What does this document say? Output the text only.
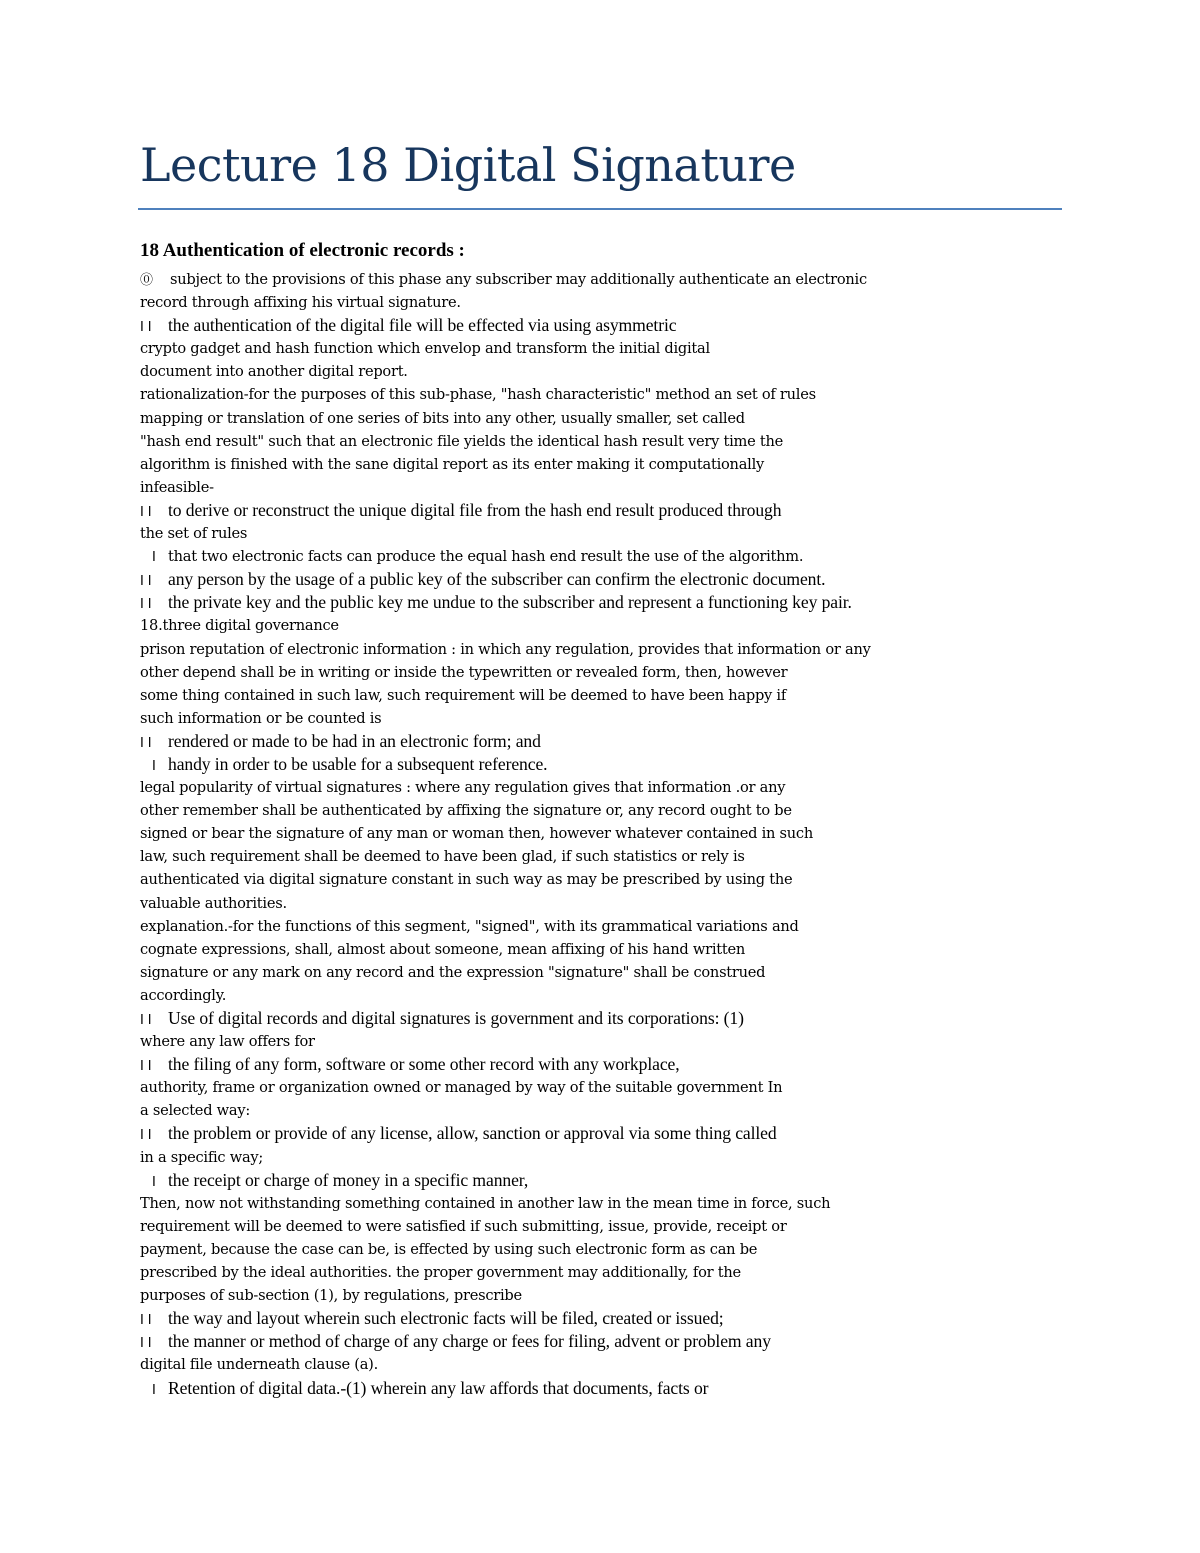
Lecture 18 Digital Signature
18 Authentication of electronic records :
⓪ subject to the provisions of this phase any subscriber may additionally authenticate an electronic
record through affixing his virtual signature.
I I the authentication of the digital file will be effected via using asymmetric
crypto gadget and hash function which envelop and transform the initial digital
document into another digital report.
rationalization-for the purposes of this sub-phase, "hash characteristic" method an set of rules
mapping or translation of one series of bits into any other, usually smaller, set called
"hash end result" such that an electronic file yields the identical hash result very time the
algorithm is finished with the sane digital report as its enter making it computationally
infeasible-
I I to derive or reconstruct the unique digital file from the hash end result produced through
the set of rules
I that two electronic facts can produce the equal hash end result the use of the algorithm.
I I any person by the usage of a public key of the subscriber can confirm the electronic document.
I I the private key and the public key me undue to the subscriber and represent a functioning key pair.
18.three digital governance
prison reputation of electronic information : in which any regulation, provides that information or any
other depend shall be in writing or inside the typewritten or revealed form, then, however
some thing contained in such law, such requirement will be deemed to have been happy if
such information or be counted is
I I rendered or made to be had in an electronic form; and
I handy in order to be usable for a subsequent reference.
legal popularity of virtual signatures : where any regulation gives that information .or any
other remember shall be authenticated by affixing the signature or, any record ought to be
signed or bear the signature of any man or woman then, however whatever contained in such
law, such requirement shall be deemed to have been glad, if such statistics or rely is
authenticated via digital signature constant in such way as may be prescribed by using the
valuable authorities.
explanation.-for the functions of this segment, "signed", with its grammatical variations and
cognate expressions, shall, almost about someone, mean affixing of his hand written
signature or any mark on any record and the expression "signature" shall be construed
accordingly.
I I Use of digital records and digital signatures is government and its corporations: (1)
where any law offers for
I I the filing of any form, software or some other record with any workplace,
authority, frame or organization owned or managed by way of the suitable government In
a selected way:
I I the problem or provide of any license, allow, sanction or approval via some thing called
in a specific way;
I the receipt or charge of money in a specific manner,
Then, now not withstanding something contained in another law in the mean time in force, such
requirement will be deemed to were satisfied if such submitting, issue, provide, receipt or
payment, because the case can be, is effected by using such electronic form as can be
prescribed by the ideal authorities. the proper government may additionally, for the
purposes of sub-section (1), by regulations, prescribe
I I the way and layout wherein such electronic facts will be filed, created or issued;
I I the manner or method of charge of any charge or fees for filing, advent or problem any
digital file underneath clause (a).
I Retention of digital data.-(1) wherein any law affords that documents, facts or
